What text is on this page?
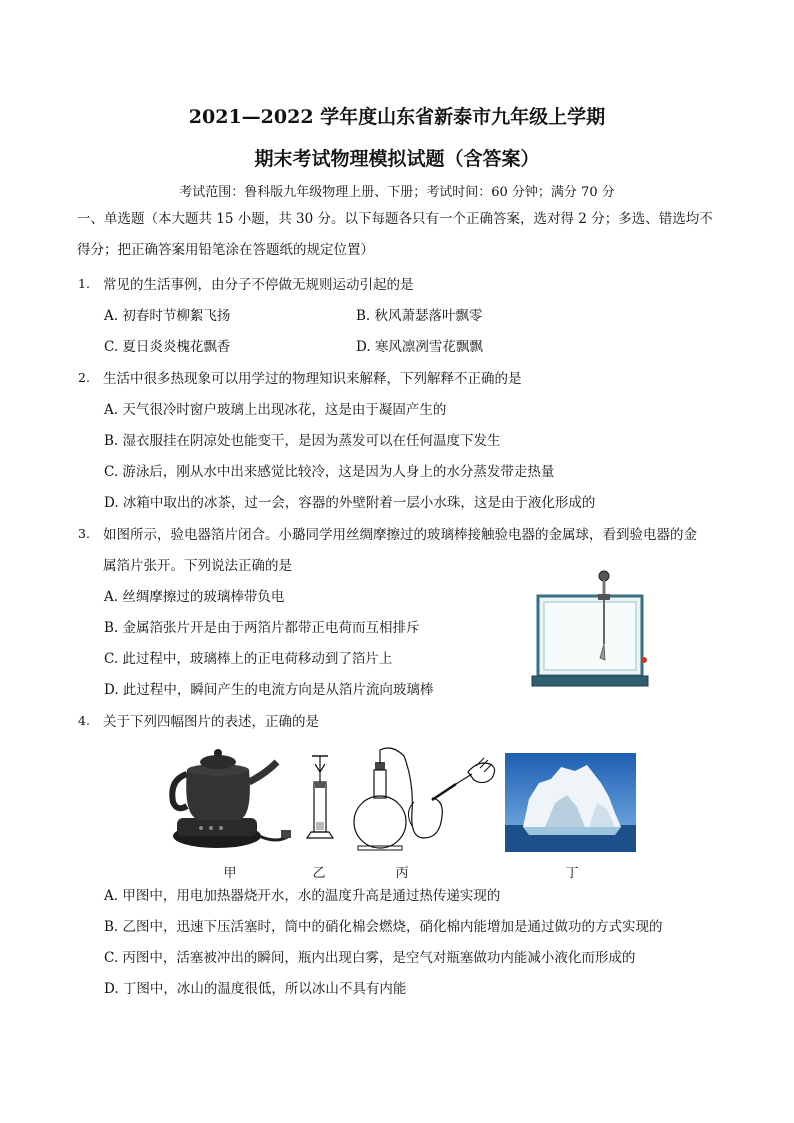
2021—2022 学年度山东省新泰市九年级上学期
期末考试物理模拟试题（含答案）
考试范围：鲁科版九年级物理上册、下册；考试时间：60 分钟；满分 70 分
一、单选题（本大题共 15 小题，共 30 分。以下每题各只有一个正确答案，选对得 2 分；多选、错选均不
得分；把正确答案用铅笔涂在答题纸的规定位置）
1. 常见的生活事例，由分子不停做无规则运动引起的是
A. 初春时节柳絮飞扬	B. 秋风萧瑟落叶飘零
C. 夏日炎炎槐花飘香	D. 寒风凛冽雪花飘飘
2. 生活中很多热现象可以用学过的物理知识来解释，下列解释不正确的是
A. 天气很冷时窗户玻璃上出现冰花，这是由于凝固产生的
B. 湿衣服挂在阴凉处也能变干，是因为蒸发可以在任何温度下发生
C. 游泳后，刚从水中出来感觉比较冷，这是因为人身上的水分蒸发带走热量
D. 冰箱中取出的冰茶，过一会，容器的外壁附着一层小水珠，这是由于液化形成的
3. 如图所示，验电器箔片闭合。小璐同学用丝绸摩擦过的玻璃棒接触验电器的金属球，看到验电器的金
属箔片张开。下列说法正确的是
A. 丝绸摩擦过的玻璃棒带负电
B. 金属箔张片开是由于两箔片都带正电荷而互相排斥
C. 此过程中，玻璃棒上的正电荷移动到了箔片上
D. 此过程中，瞬间产生的电流方向是从箔片流向玻璃棒
4. 关于下列四幅图片的表述，正确的是
甲	乙	丙	丁
A. 甲图中，用电加热器烧开水，水的温度升高是通过热传递实现的
B. 乙图中，迅速下压活塞时，筒中的硝化棉会燃烧，硝化棉内能增加是通过做功的方式实现的
C. 丙图中，活塞被冲出的瞬间，瓶内出现白雾，是空气对瓶塞做功内能减小液化而形成的
D. 丁图中，冰山的温度很低，所以冰山不具有内能
